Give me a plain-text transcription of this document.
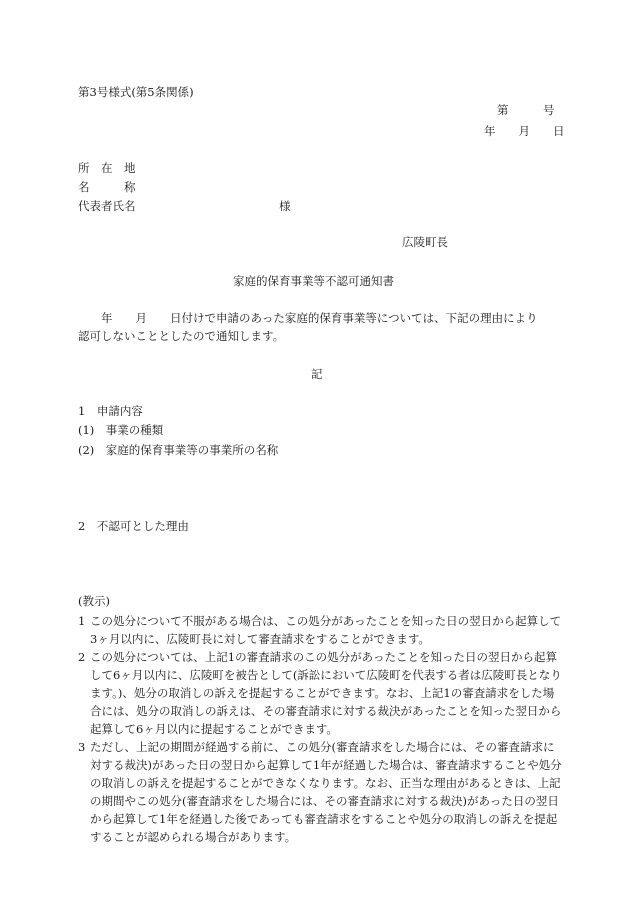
第3号様式(第5条関係)
第　　　号
年　　月　　日
所　在　地
名　　　称
代表者氏名	様
広陵町長
家庭的保育事業等不認可通知書
　　年　　月　　日付けで申請のあった家庭的保育事業等については、下記の理由により
認可しないこととしたので通知します。
記
1　申請内容
(1)　事業の種類
(2)　家庭的保育事業等の事業所の名称
2　不認可とした理由
(教示)
1 この処分について不服がある場合は、この処分があったことを知った日の翌日から起算して3ヶ月以内に、広陵町長に対して審査請求をすることができます。
2 この処分については、上記1の審査請求のこの処分があったことを知った日の翌日から起算して6ヶ月以内に、広陵町を被告として(訴訟において広陵町を代表する者は広陵町長となります。)、処分の取消しの訴えを提起することができます。なお、上記1の審査請求をした場合には、処分の取消しの訴えは、その審査請求に対する裁決があったことを知った翌日から起算して6ヶ月以内に提起することができます。
3 ただし、上記の期間が経過する前に、この処分(審査請求をした場合には、その審査請求に対する裁決)があった日の翌日から起算して1年が経過した場合は、審査請求することや処分の取消しの訴えを提起することができなくなります。なお、正当な理由があるときは、上記の期間やこの処分(審査請求をした場合には、その審査請求に対する裁決)があった日の翌日から起算して1年を経過した後であっても審査請求をすることや処分の取消しの訴えを提起することが認められる場合があります。
